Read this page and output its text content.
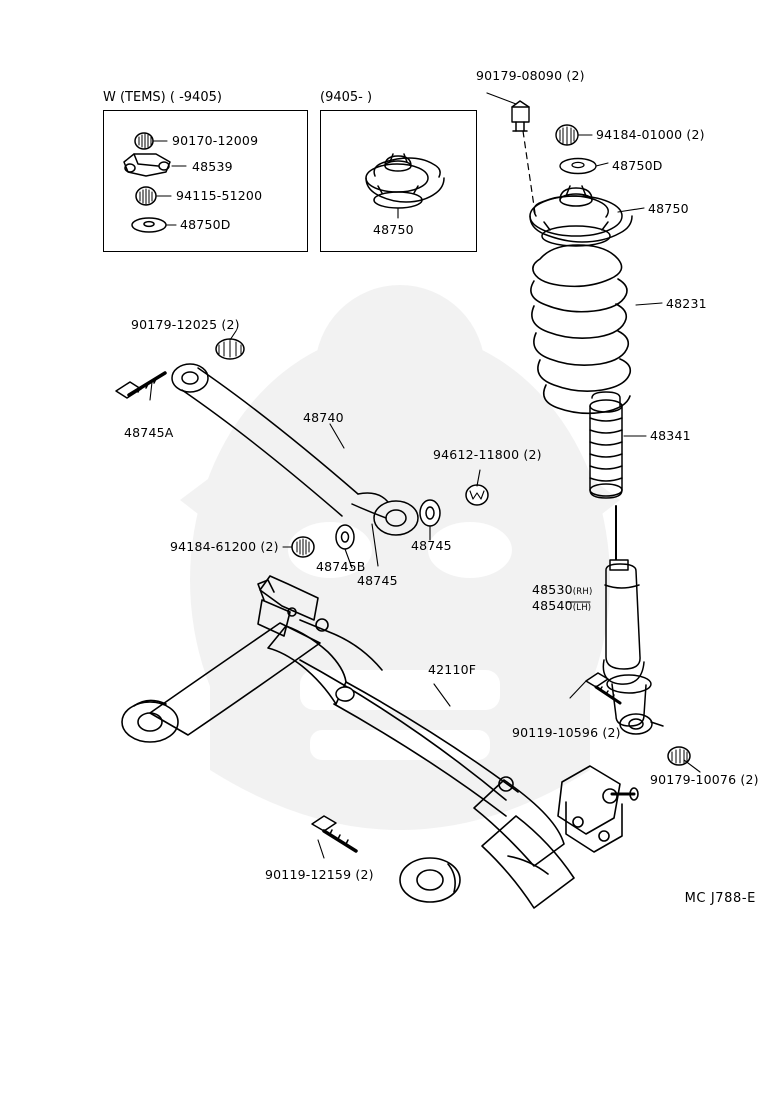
W (TEMS) ( -9405)	(9405- )
90170-12009
48539
94115-51200
48750D	48750
90179-08090 (2)
94184-01000 (2)
48750D
48750
48231
48341
48530(RH)
48540(LH)
90179-12025 (2)
48745A
48740
94612-11800 (2)
94184-61200 (2)
48745B
48745
48745
42110F
90119-10596 (2)
90179-10076 (2)
90119-12159 (2)
MC J788-E
